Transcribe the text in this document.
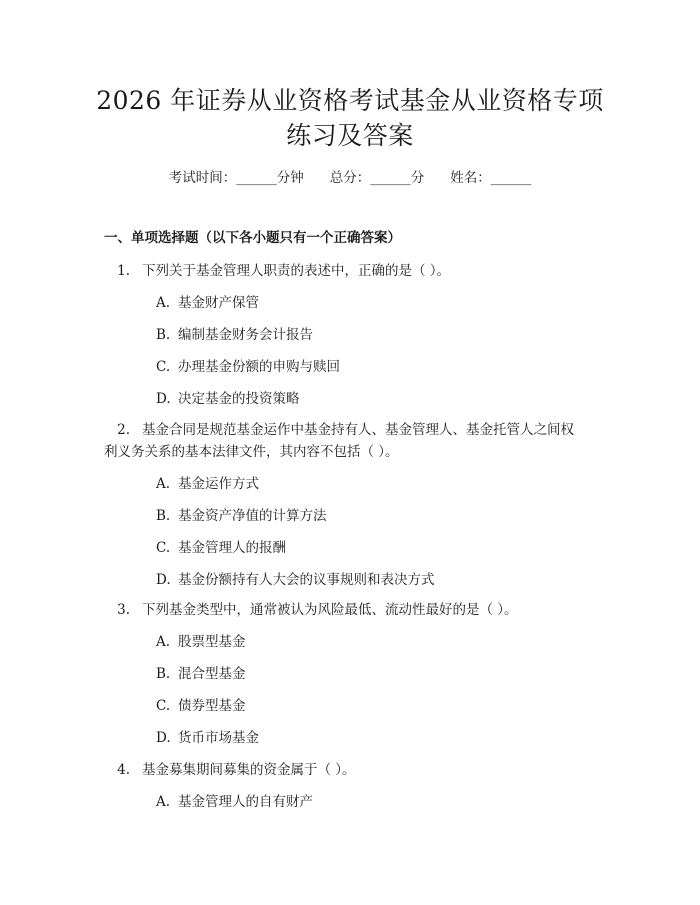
2026 年证券从业资格考试基金从业资格专项
练习及答案
考试时间：______分钟 总分：______分 姓名：______
一、单项选择题（以下各小题只有一个正确答案）
1. 下列关于基金管理人职责的表述中，正确的是（ ）。
A. 基金财产保管
B. 编制基金财务会计报告
C. 办理基金份额的申购与赎回
D. 决定基金的投资策略
2. 基金合同是规范基金运作中基金持有人、基金管理人、基金托管人之间权
利义务关系的基本法律文件，其内容不包括（ ）。
A. 基金运作方式
B. 基金资产净值的计算方法
C. 基金管理人的报酬
D. 基金份额持有人大会的议事规则和表决方式
3. 下列基金类型中，通常被认为风险最低、流动性最好的是（ ）。
A. 股票型基金
B. 混合型基金
C. 债券型基金
D. 货币市场基金
4. 基金募集期间募集的资金属于（ ）。
A. 基金管理人的自有财产
